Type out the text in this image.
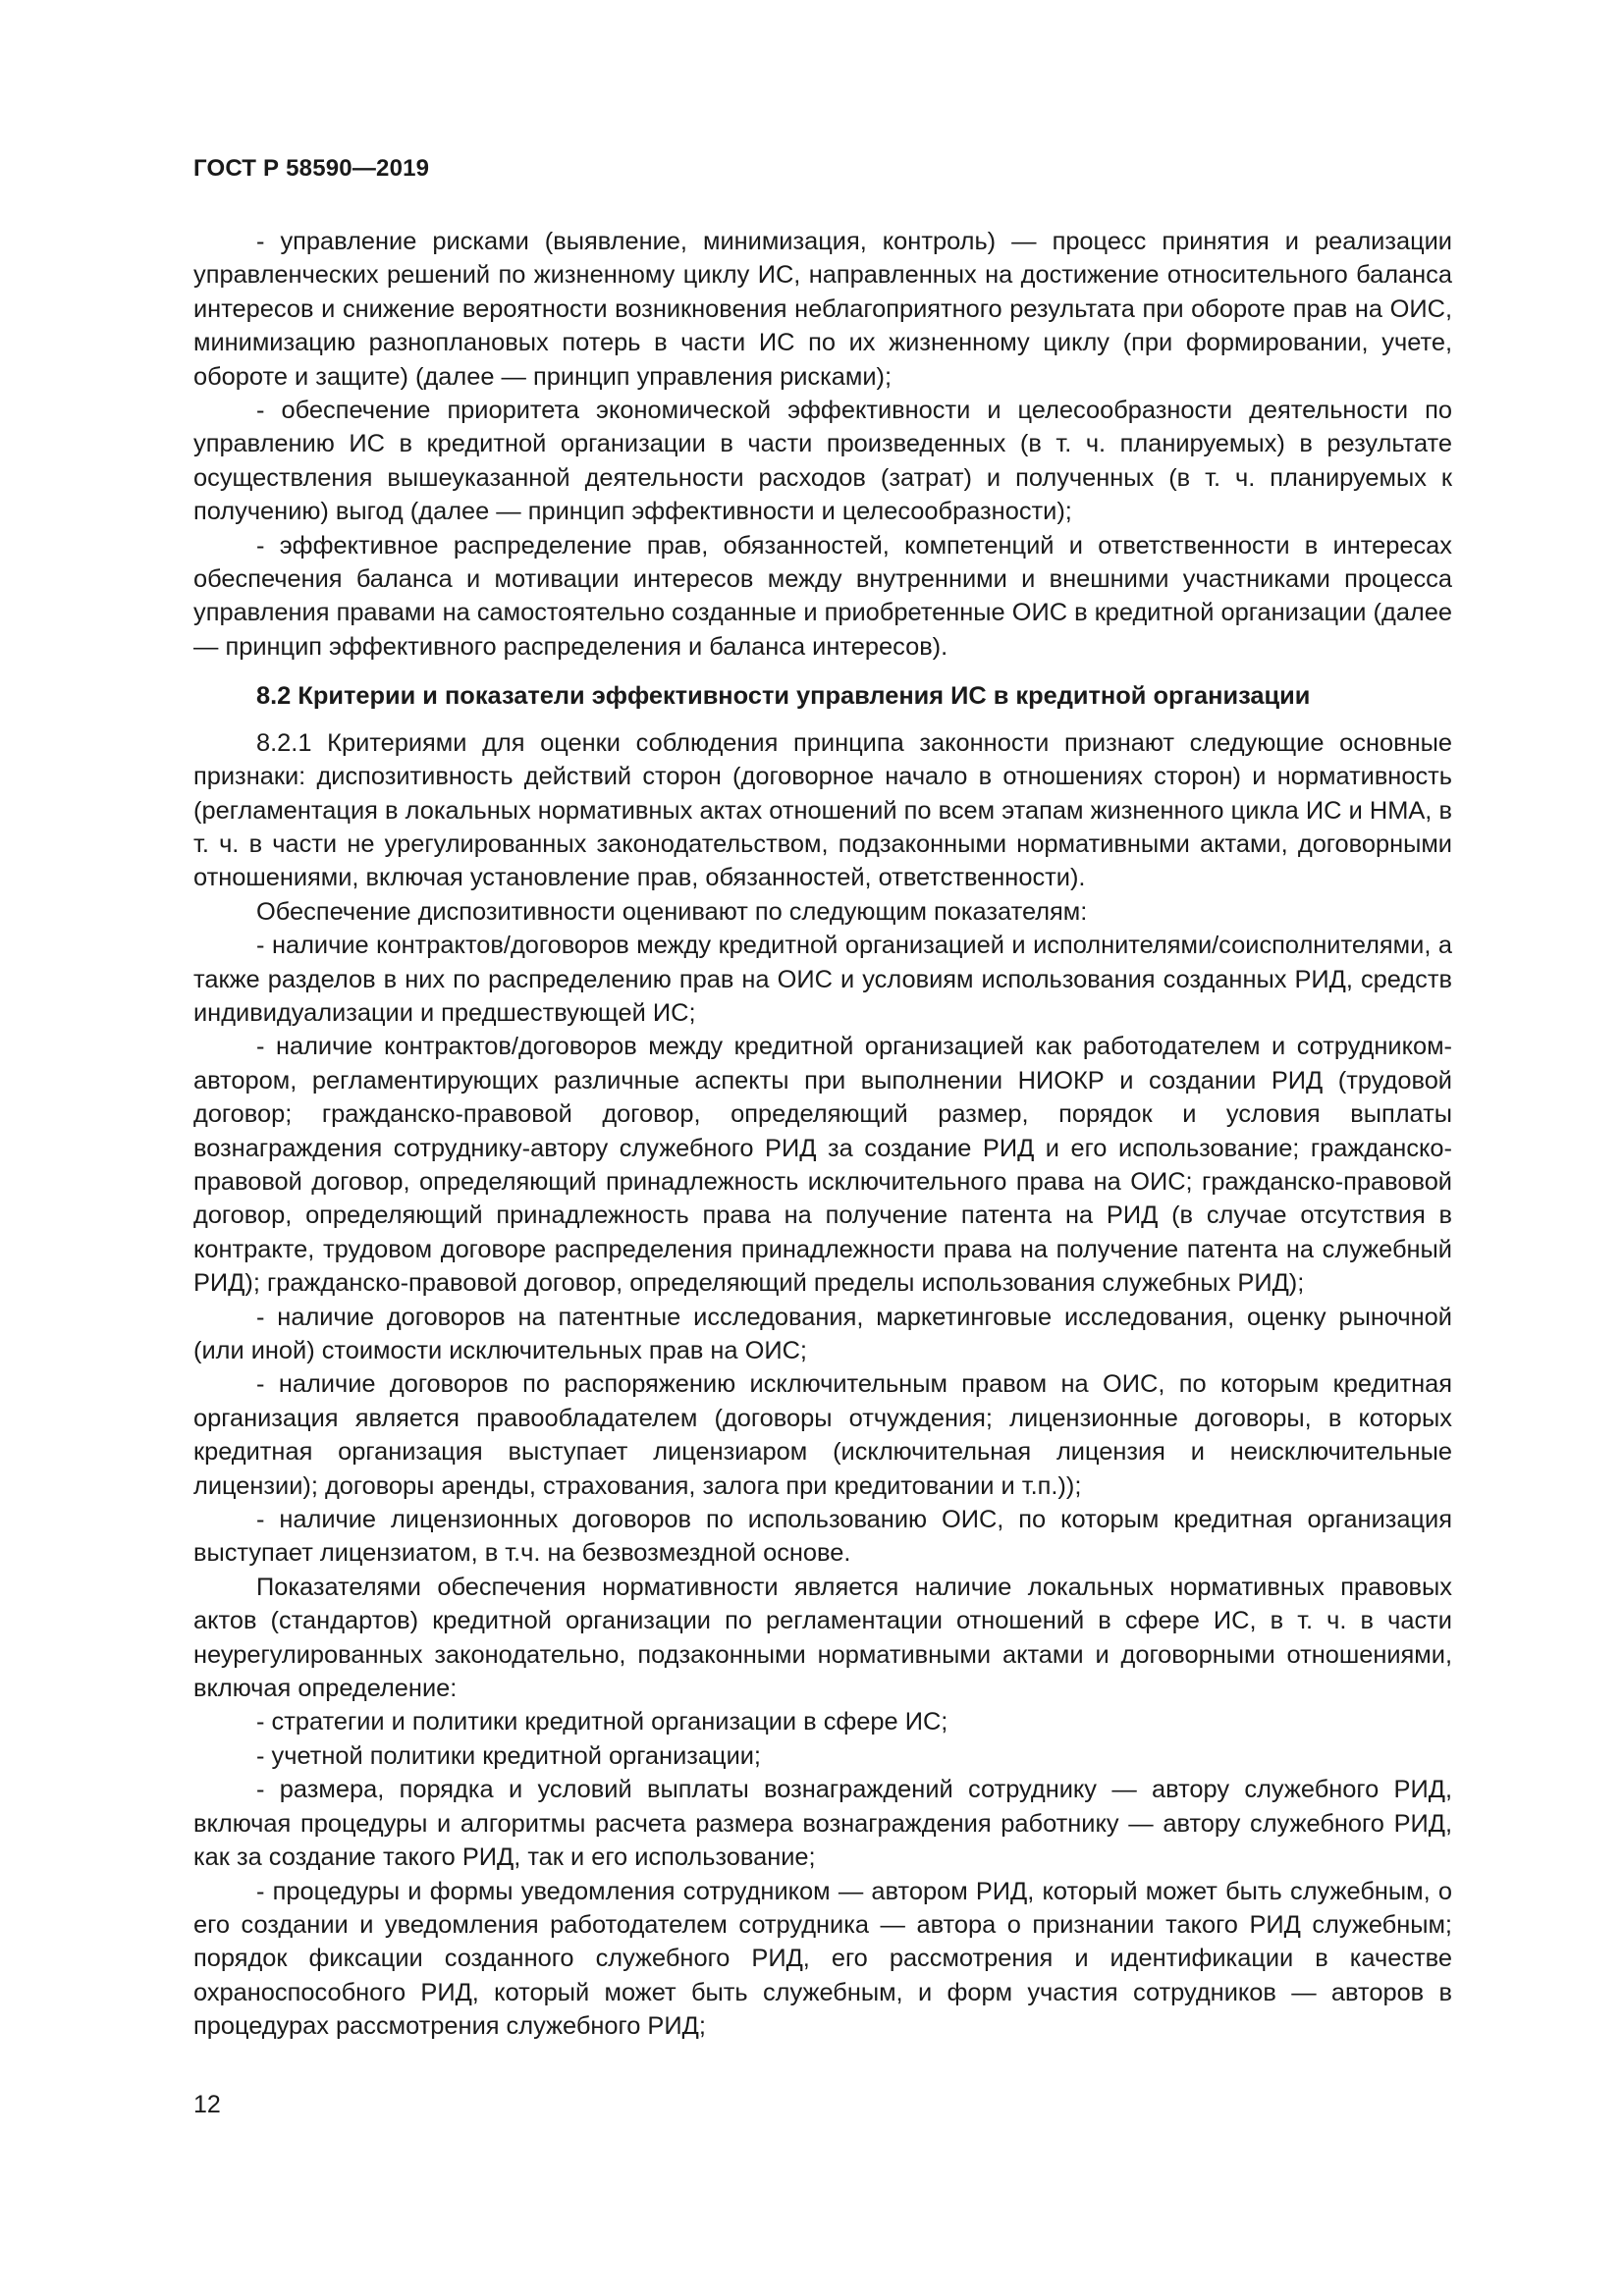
ГОСТ Р 58590—2019

- управление рисками (выявление, минимизация, контроль) — процесс принятия и реализации управленческих решений по жизненному циклу ИС, направленных на достижение относительного баланса интересов и снижение вероятности возникновения неблагоприятного результата при обороте прав на ОИС, минимизацию разноплановых потерь в части ИС по их жизненному циклу (при формировании, учете, обороте и защите) (далее — принцип управления рисками);

- обеспечение приоритета экономической эффективности и целесообразности деятельности по управлению ИС в кредитной организации в части произведенных (в т. ч. планируемых) в результате осуществления вышеуказанной деятельности расходов (затрат) и полученных (в т. ч. планируемых к получению) выгод (далее — принцип эффективности и целесообразности);

- эффективное распределение прав, обязанностей, компетенций и ответственности в интересах обеспечения баланса и мотивации интересов между внутренними и внешними участниками процесса управления правами на самостоятельно созданные и приобретенные ОИС в кредитной организации (далее — принцип эффективного распределения и баланса интересов).

8.2 Критерии и показатели эффективности управления ИС в кредитной организации

8.2.1 Критериями для оценки соблюдения принципа законности признают следующие основные признаки: диспозитивность действий сторон (договорное начало в отношениях сторон) и нормативность (регламентация в локальных нормативных актах отношений по всем этапам жизненного цикла ИС и НМА, в т. ч. в части не урегулированных законодательством, подзаконными нормативными актами, договорными отношениями, включая установление прав, обязанностей, ответственности).

Обеспечение диспозитивности оценивают по следующим показателям:

- наличие контрактов/договоров между кредитной организацией и исполнителями/соисполнителями, а также разделов в них по распределению прав на ОИС и условиям использования созданных РИД, средств индивидуализации и предшествующей ИС;

- наличие контрактов/договоров между кредитной организацией как работодателем и сотрудником-автором, регламентирующих различные аспекты при выполнении НИОКР и создании РИД (трудовой договор; гражданско-правовой договор, определяющий размер, порядок и условия выплаты вознаграждения сотруднику-автору служебного РИД за создание РИД и его использование; гражданско-правовой договор, определяющий принадлежность исключительного права на ОИС; гражданско-правовой договор, определяющий принадлежность права на получение патента на РИД (в случае отсутствия в контракте, трудовом договоре распределения принадлежности права на получение патента на служебный РИД); гражданско-правовой договор, определяющий пределы использования служебных РИД);

- наличие договоров на патентные исследования, маркетинговые исследования, оценку рыночной (или иной) стоимости исключительных прав на ОИС;

- наличие договоров по распоряжению исключительным правом на ОИС, по которым кредитная организация является правообладателем (договоры отчуждения; лицензионные договоры, в которых кредитная организация выступает лицензиаром (исключительная лицензия и неисключительные лицензии); договоры аренды, страхования, залога при кредитовании и т.п.));

- наличие лицензионных договоров по использованию ОИС, по которым кредитная организация выступает лицензиатом, в т.ч. на безвозмездной основе.

Показателями обеспечения нормативности является наличие локальных нормативных правовых актов (стандартов) кредитной организации по регламентации отношений в сфере ИС, в т. ч. в части неурегулированных законодательно, подзаконными нормативными актами и договорными отношениями, включая определение:

- стратегии и политики кредитной организации в сфере ИС;

- учетной политики кредитной организации;

- размера, порядка и условий выплаты вознаграждений сотруднику — автору служебного РИД, включая процедуры и алгоритмы расчета размера вознаграждения работнику — автору служебного РИД, как за создание такого РИД, так и его использование;

- процедуры и формы уведомления сотрудником — автором РИД, который может быть служебным, о его создании и уведомления работодателем сотрудника — автора о признании такого РИД служебным; порядок фиксации созданного служебного РИД, его рассмотрения и идентификации в качестве охраноспособного РИД, который может быть служебным, и форм участия сотрудников — авторов в процедурах рассмотрения служебного РИД;

12
